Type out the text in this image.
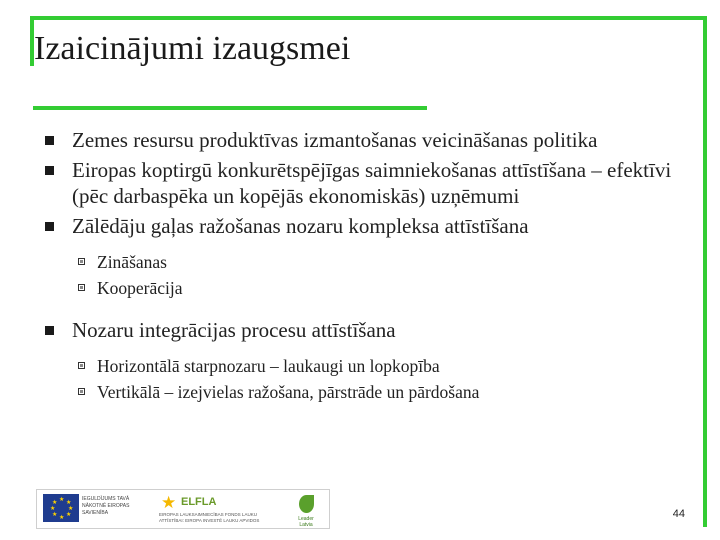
Izaicinājumi izaugsmei
Zemes resursu produktīvas izmantošanas veicināšanas politika
Eiropas koptirgū konkurētspējīgas saimniekošanas attīstīšana – efektīvi (pēc darbaspēka un kopējās ekonomiskās) uzņēmumi
Zālēdāju gaļas ražošanas nozaru kompleksa attīstīšana
Zināšanas
Kooperācija
Nozaru integrācijas procesu attīstīšana
Horizontālā starpnozaru – laukaugi un lopkopība
Vertikālā – izejvielas ražošana, pārstrāde un pārdošana
★ ★
★
★
★
★
★
★
IEGULDĪJUMS TAVĀ NĀKOTNĒ EIROPAS SAVIENĪBA	★ ELFLA
EIROPAS LAUKSAIMNIECĪBAS FONDS LAUKU ATTĪSTĪBAI: EIROPA INVESTĒ LAUKU APVIDOS	Leader Latvia
44
